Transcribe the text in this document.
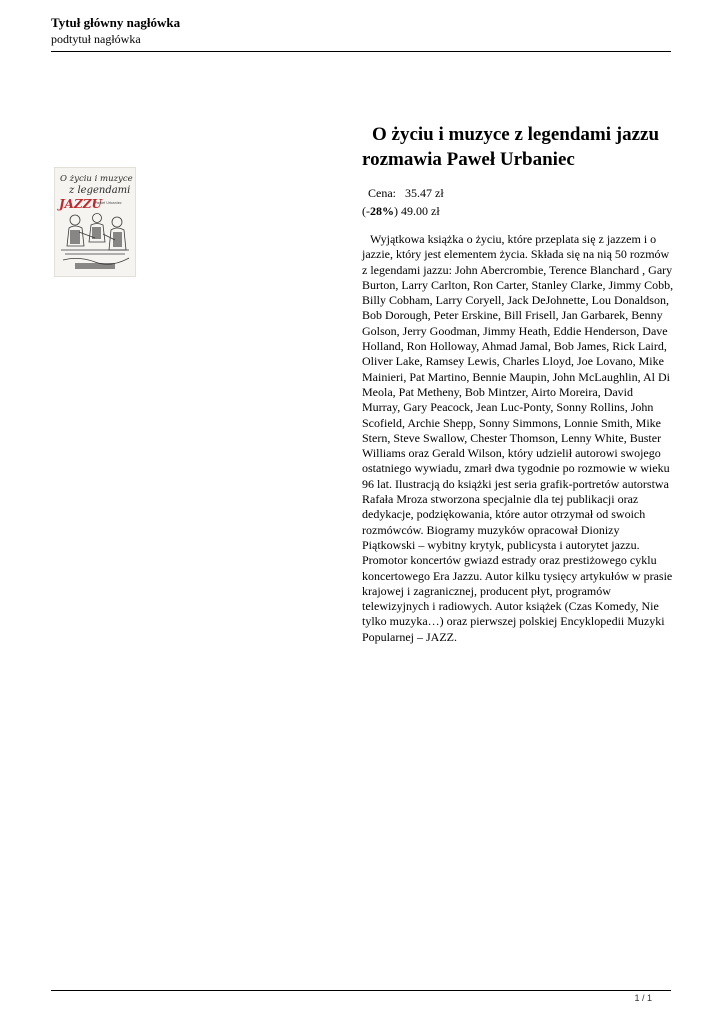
Tytuł główny nagłówka
podtytuł nagłówka
O życiu i muzyce
z legendami
JAZZU
Paweł Urbaniec
O życiu i muzyce z legendami jazzu rozmawia Paweł Urbaniec
Cena: 35.47 zł
(-28%) 49.00 zł
Wyjątkowa książka o życiu, które przeplata się z jazzem i o jazzie, który jest elementem życia. Składa się na nią 50 rozmów z legendami jazzu: John Abercrombie, Terence Blanchard , Gary Burton, Larry Carlton, Ron Carter, Stanley Clarke, Jimmy Cobb, Billy Cobham, Larry Coryell, Jack DeJohnette, Lou Donaldson, Bob Dorough, Peter Erskine, Bill Frisell, Jan Garbarek, Benny Golson, Jerry Goodman, Jimmy Heath, Eddie Henderson, Dave Holland, Ron Holloway, Ahmad Jamal, Bob James, Rick Laird, Oliver Lake, Ramsey Lewis, Charles Lloyd, Joe Lovano, Mike Mainieri, Pat Martino, Bennie Maupin, John McLaughlin, Al Di Meola, Pat Metheny, Bob Mintzer, Airto Moreira, David Murray, Gary Peacock, Jean Luc-Ponty, Sonny Rollins, John Scofield, Archie Shepp, Sonny Simmons, Lonnie Smith, Mike Stern, Steve Swallow, Chester Thomson, Lenny White, Buster Williams oraz Gerald Wilson, który udzielił autorowi swojego ostatniego wywiadu, zmarł dwa tygodnie po rozmowie w wieku 96 lat. Ilustracją do książki jest seria grafik-portretów autorstwa Rafała Mroza stworzona specjalnie dla tej publikacji oraz dedykacje, podziękowania, które autor otrzymał od swoich rozmówców. Biogramy muzyków opracował Dionizy Piątkowski – wybitny krytyk, publicysta i autorytet jazzu. Promotor koncertów gwiazd estrady oraz prestiżowego cyklu koncertowego Era Jazzu. Autor kilku tysięcy artykułów w prasie krajowej i zagranicznej, producent płyt, programów telewizyjnych i radiowych. Autor książek (Czas Komedy, Nie tylko muzyka…) oraz pierwszej polskiej Encyklopedii Muzyki Popularnej – JAZZ.
1 / 1
